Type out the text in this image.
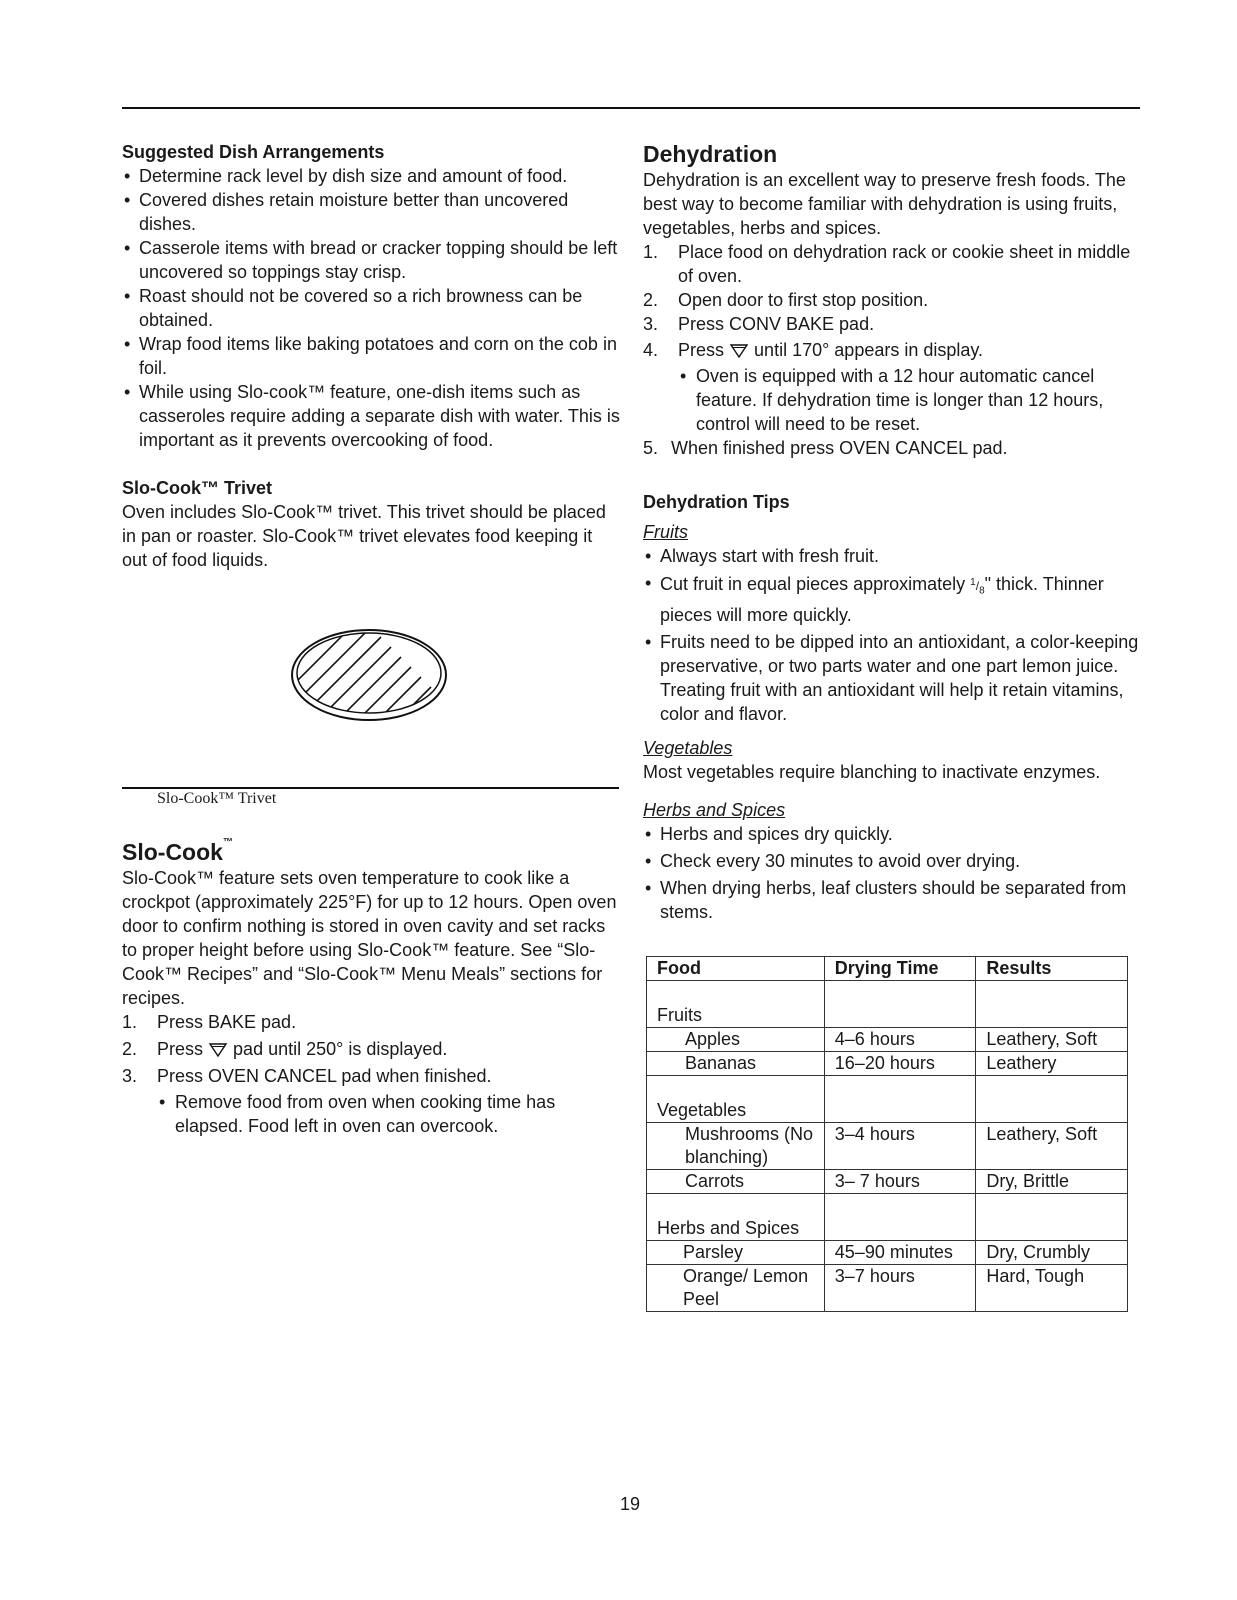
Suggested Dish Arrangements
• Determine rack level by dish size and amount of food.
• Covered dishes retain moisture better than uncovered dishes.
• Casserole items with bread or cracker topping should be left uncovered so toppings stay crisp.
• Roast should not be covered so a rich browness can be obtained.
• Wrap food items like baking potatoes and corn on the cob in foil.
• While using Slo-cook™ feature, one-dish items such as casseroles require adding a separate dish with water. This is important as it prevents overcooking of food.
Slo-Cook™ Trivet

Oven includes Slo-Cook™ trivet. This trivet should be placed in pan or roaster. Slo-Cook™ trivet elevates food keeping it out of food liquids.

Slo-Cook™ Trivet
Slo-Cook™

Slo-Cook™ feature sets oven temperature to cook like a crockpot (approximately 225°F) for up to 12 hours. Open oven door to confirm nothing is stored in oven cavity and set racks to proper height before using Slo-Cook™ feature. See “Slo-Cook™ Recipes” and “Slo-Cook™ Menu Meals” sections for recipes.

1. Press BAKE pad.
2. Press pad until 250° is displayed.
3. Press OVEN CANCEL pad when finished.
• Remove food from oven when cooking time has elapsed. Food left in oven can overcook.
Dehydration

Dehydration is an excellent way to preserve fresh foods. The best way to become familiar with dehydration is using fruits, vegetables, herbs and spices.

1. Place food on dehydration rack or cookie sheet in middle of oven.
2. Open door to first stop position.
3. Press CONV BAKE pad.
4. Press until 170° appears in display.
• Oven is equipped with a 12 hour automatic cancel feature. If dehydration time is longer than 12 hours, control will need to be reset.
5. When finished press OVEN CANCEL pad.
Dehydration Tips

Fruits

• Always start with fresh fruit.
• Cut fruit in equal pieces approximately $^1/_8$" thick. Thinner pieces will more quickly.
• Fruits need to be dipped into an antioxidant, a color-keeping preservative, or two parts water and one part lemon juice. Treating fruit with an antioxidant will help it retain vitamins, color and flavor.

Vegetables

Most vegetables require blanching to inactivate enzymes.

Herbs and Spices

• Herbs and spices dry quickly.
• Check every 30 minutes to avoid over drying.
• When drying herbs, leaf clusters should be separated from stems.
Food	Drying Time	Results
Fruits		
Apples	4–6 hours	Leathery, Soft
Bananas	16–20 hours	Leathery
Vegetables		
Mushrooms (No blanching)	3–4 hours	Leathery, Soft
Carrots	3– 7 hours	Dry, Brittle
Herbs and Spices		
Parsley	45–90 minutes	Dry, Crumbly
Orange/ Lemon Peel	3–7 hours	Hard, Tough
19
